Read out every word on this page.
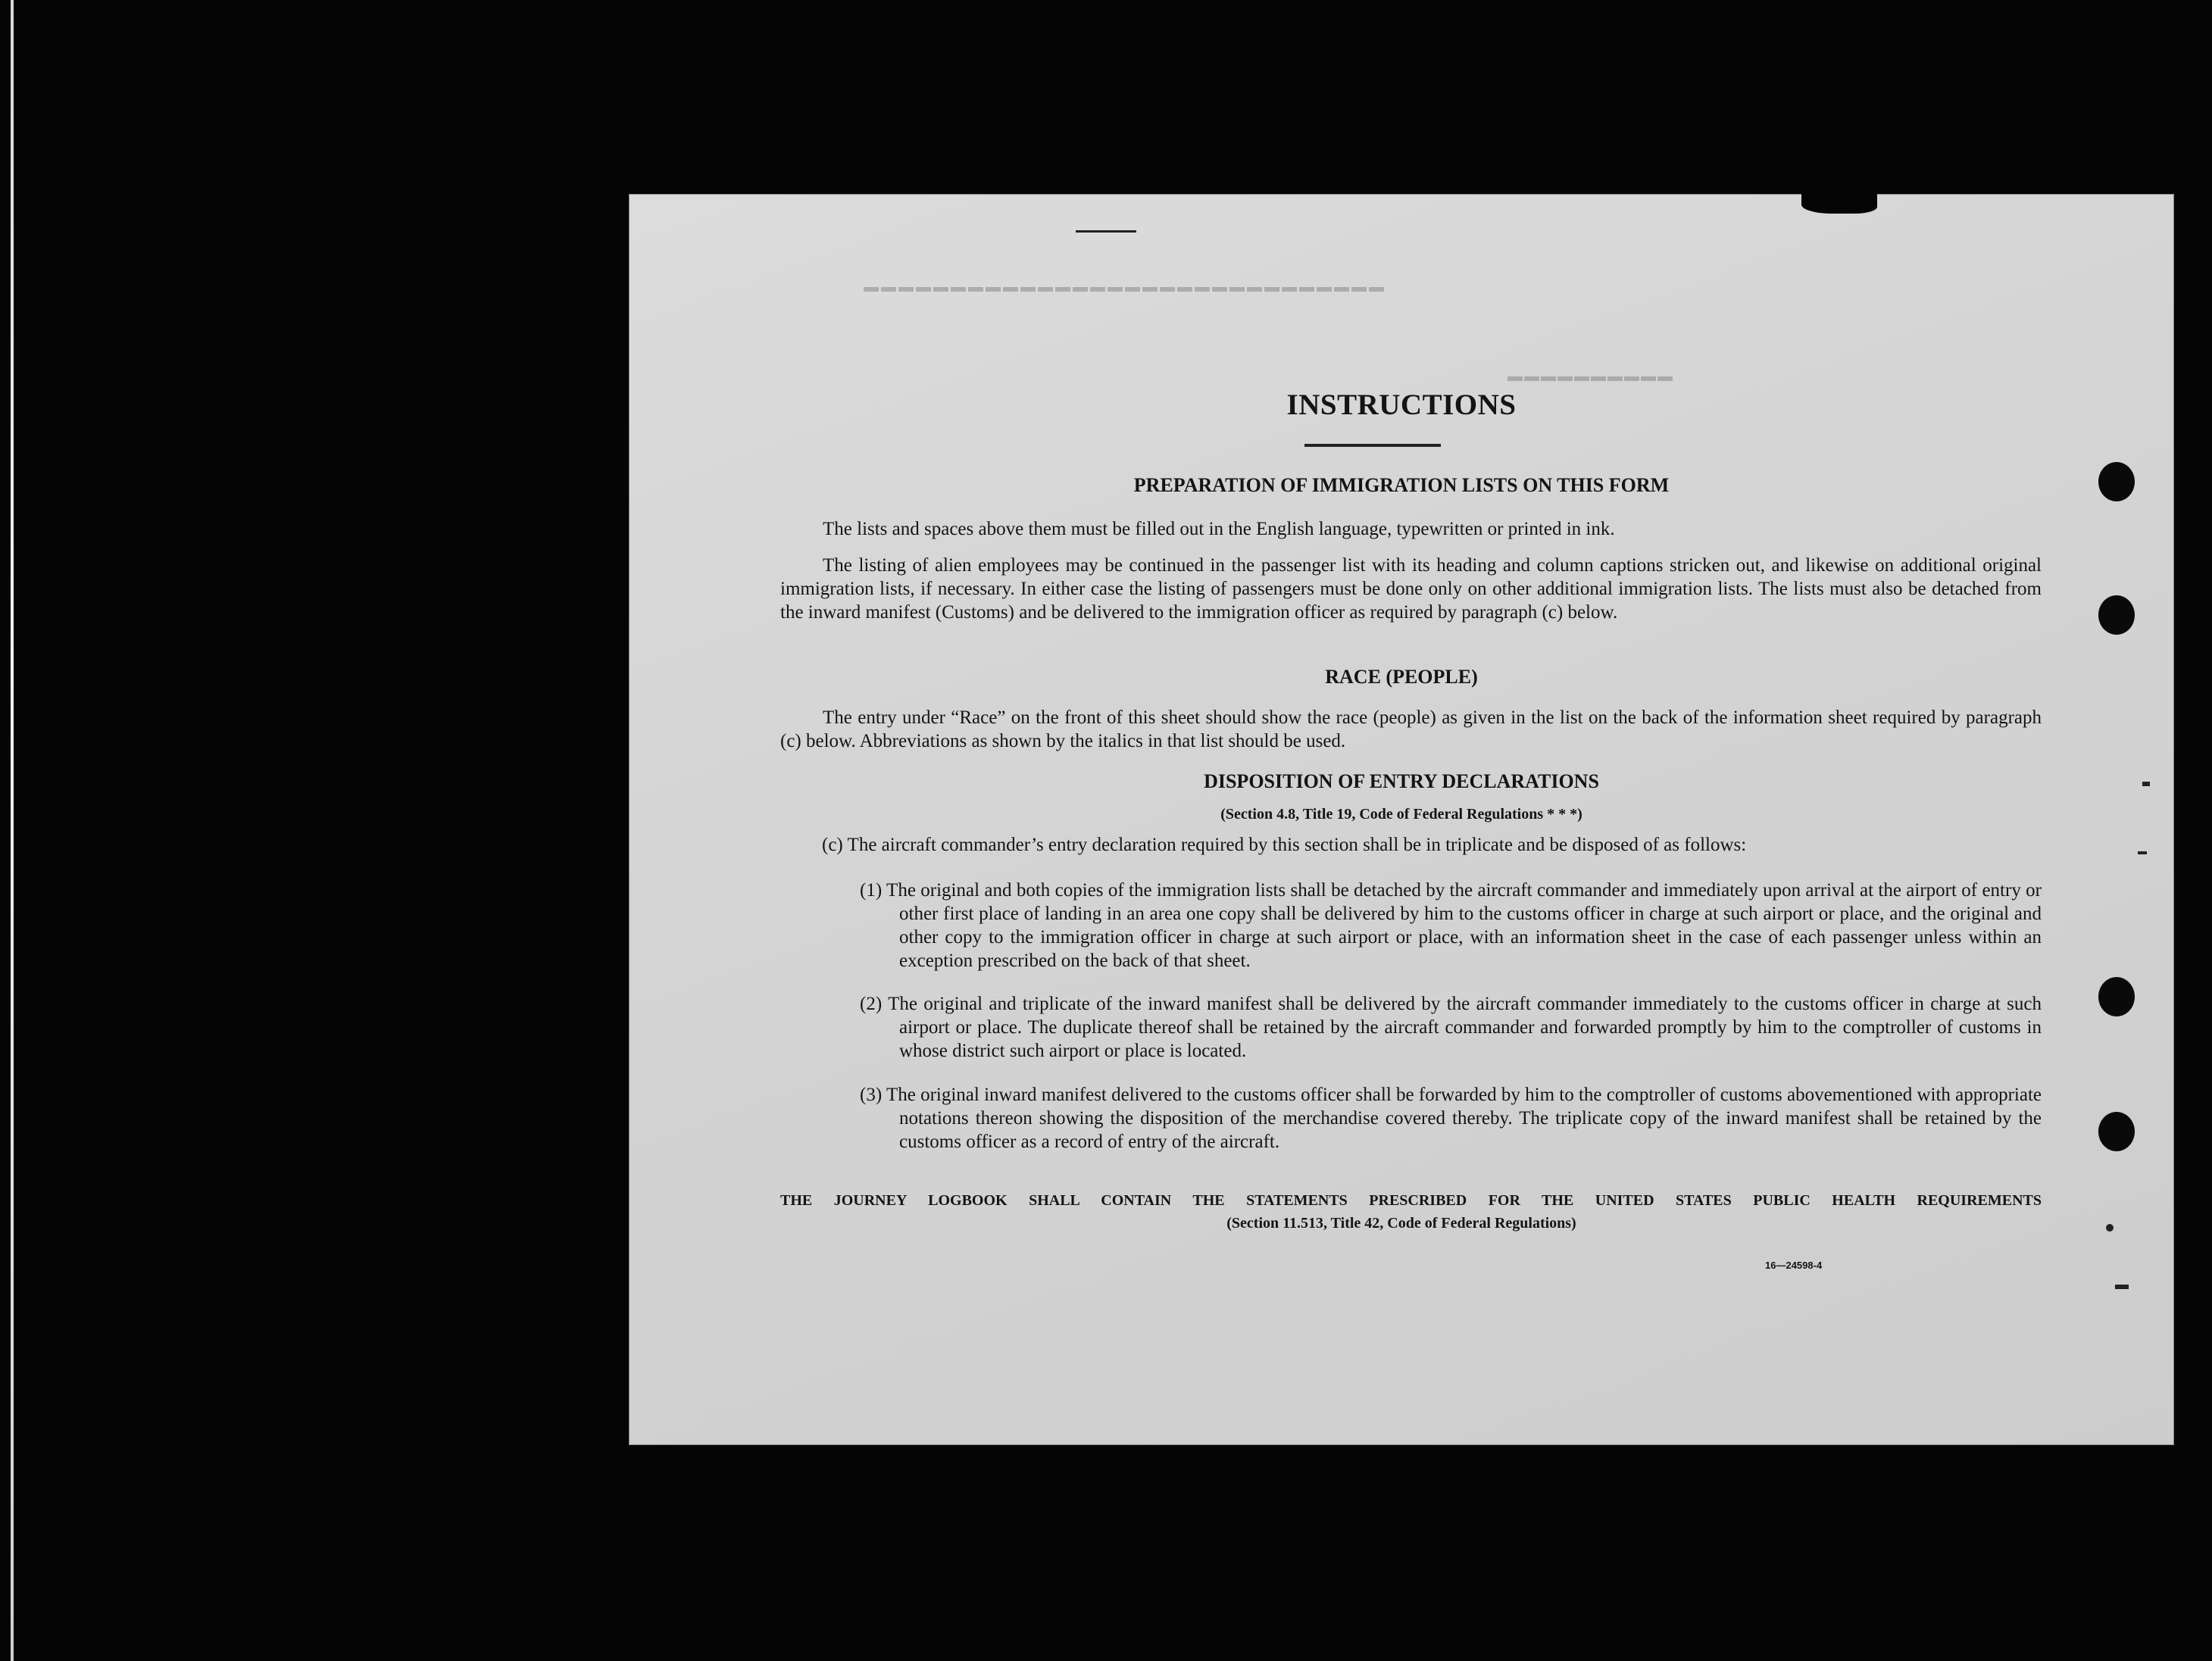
▬▬▬▬▬▬▬▬▬▬▬▬▬▬▬▬▬▬▬▬▬▬▬▬▬▬▬▬▬▬
▬▬▬▬▬▬▬▬▬▬
INSTRUCTIONS
PREPARATION OF IMMIGRATION LISTS ON THIS FORM
The lists and spaces above them must be filled out in the English language, typewritten or printed in ink.
The listing of alien employees may be continued in the passenger list with its heading and column captions stricken out, and likewise on additional original immigration lists, if necessary. In either case the listing of passengers must be done only on other additional immigration lists. The lists must also be detached from the inward manifest (Customs) and be delivered to the immigration officer as required by paragraph (c) below.
RACE (PEOPLE)
The entry under “Race” on the front of this sheet should show the race (people) as given in the list on the back of the information sheet required by paragraph (c) below. Abbreviations as shown by the italics in that list should be used.
DISPOSITION OF ENTRY DECLARATIONS
(Section 4.8, Title 19, Code of Federal Regulations * * *)
(c) The aircraft commander’s entry declaration required by this section shall be in triplicate and be disposed of as follows:
(1) The original and both copies of the immigration lists shall be detached by the aircraft commander and immediately upon arrival at the airport of entry or other first place of landing in an area one copy shall be delivered by him to the customs officer in charge at such airport or place, and the original and other copy to the immigration officer in charge at such airport or place, with an information sheet in the case of each passenger unless within an exception prescribed on the back of that sheet.
(2) The original and triplicate of the inward manifest shall be delivered by the aircraft commander immediately to the customs officer in charge at such airport or place. The duplicate thereof shall be retained by the aircraft commander and forwarded promptly by him to the comptroller of customs in whose district such airport or place is located.
(3) The original inward manifest delivered to the customs officer shall be forwarded by him to the comptroller of customs abovementioned with appropriate notations thereon showing the disposition of the merchandise covered thereby. The triplicate copy of the inward manifest shall be retained by the customs officer as a record of entry of the aircraft.
THE JOURNEY LOGBOOK SHALL CONTAIN THE STATEMENTS PRESCRIBED FOR THE UNITED STATES PUBLIC HEALTH REQUIREMENTS
(Section 11.513, Title 42, Code of Federal Regulations)
16—24598-4
